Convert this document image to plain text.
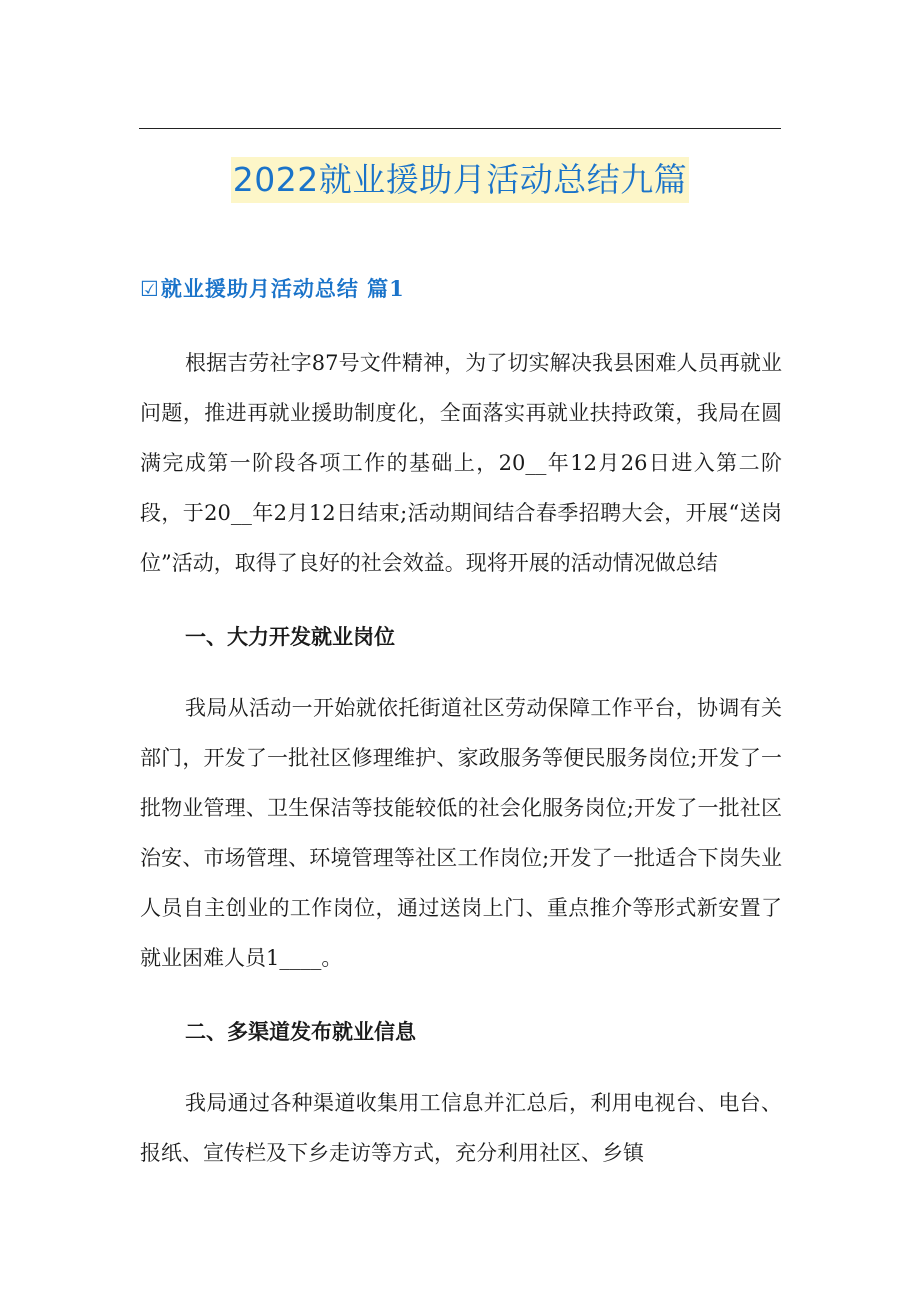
2022就业援助月活动总结九篇
☑就业援助月活动总结 篇1

根据吉劳社字87号文件精神，为了切实解决我县困难人员再就业问题，推进再就业援助制度化，全面落实再就业扶持政策，我局在圆满完成第一阶段各项工作的基础上，20__年12月26日进入第二阶段，于20__年2月12日结束;活动期间结合春季招聘大会，开展“送岗位”活动，取得了良好的社会效益。现将开展的活动情况做总结

一、大力开发就业岗位

我局从活动一开始就依托街道社区劳动保障工作平台，协调有关部门，开发了一批社区修理维护、家政服务等便民服务岗位;开发了一批物业管理、卫生保洁等技能较低的社会化服务岗位;开发了一批社区治安、市场管理、环境管理等社区工作岗位;开发了一批适合下岗失业人员自主创业的工作岗位，通过送岗上门、重点推介等形式新安置了就业困难人员1____。

二、多渠道发布就业信息

我局通过各种渠道收集用工信息并汇总后，利用电视台、电台、报纸、宣传栏及下乡走访等方式，充分利用社区、乡镇
